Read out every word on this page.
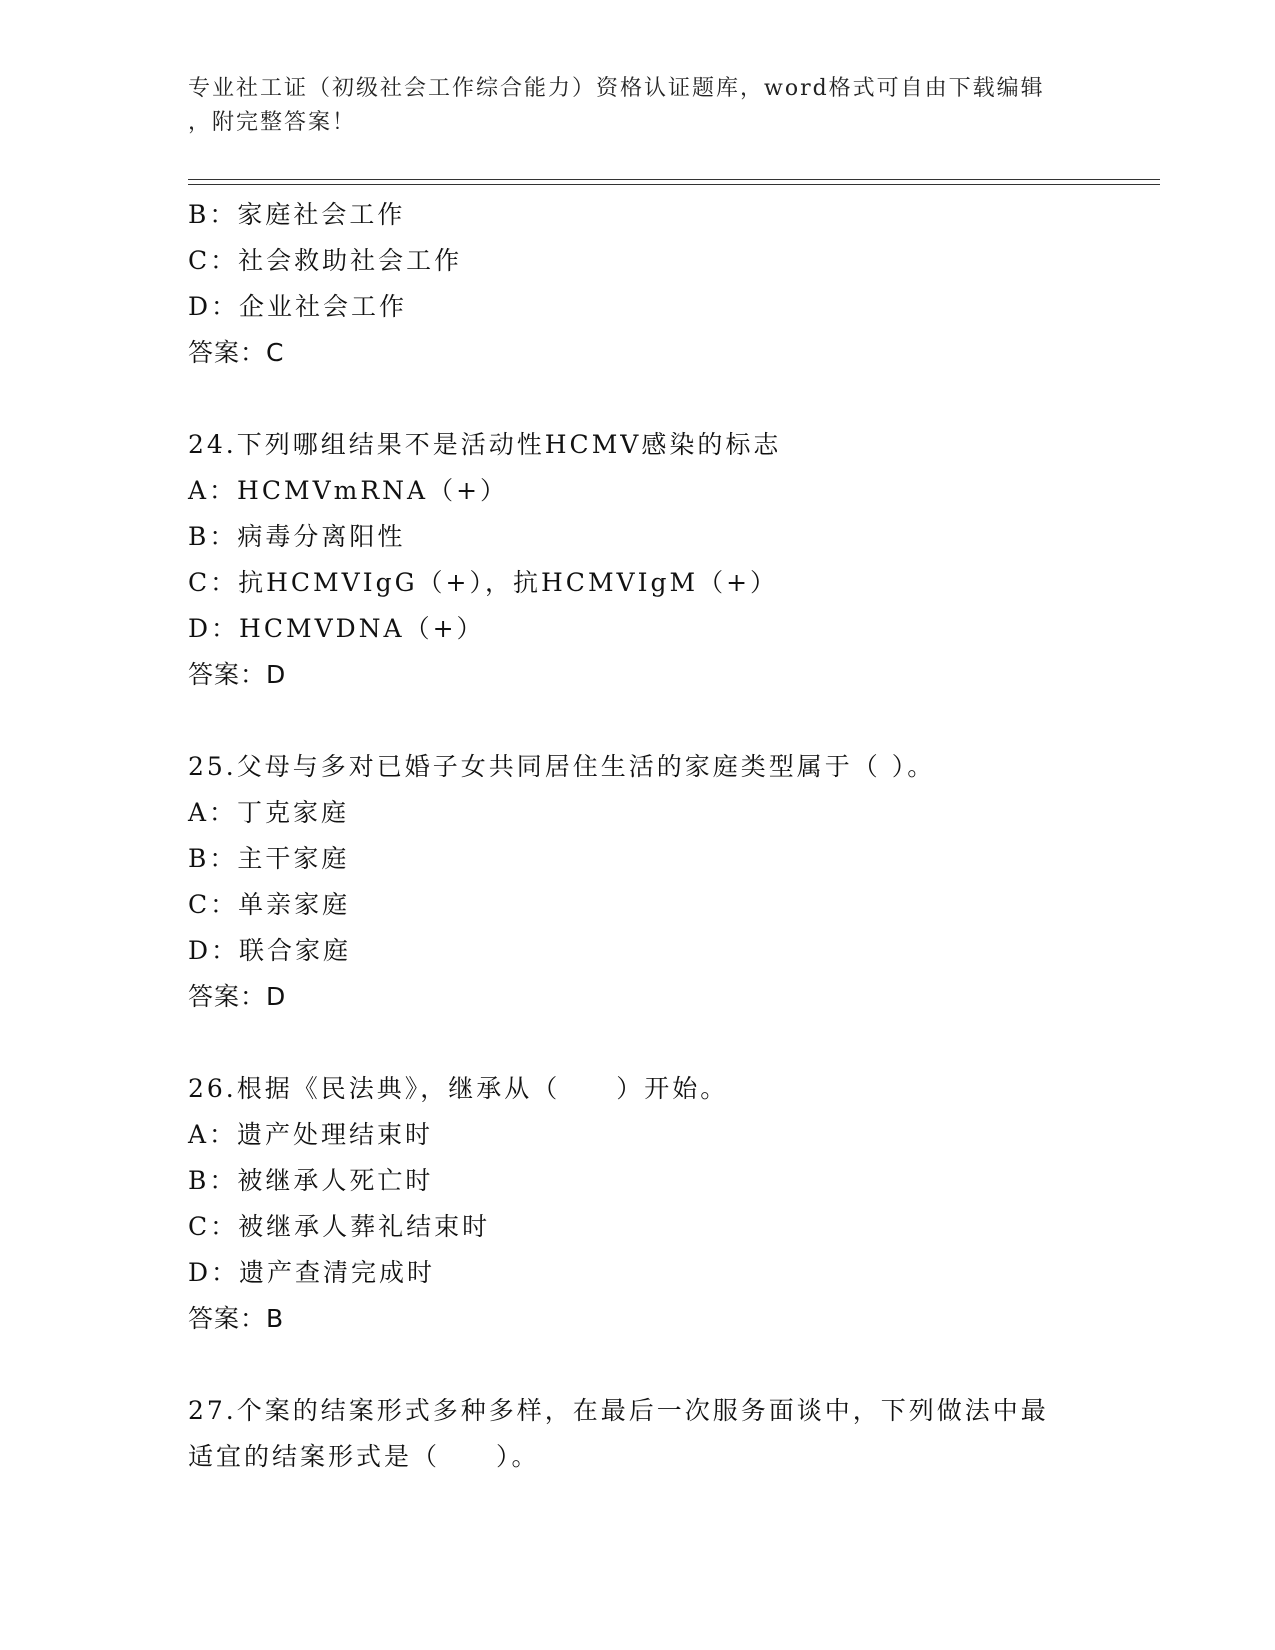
专业社工证（初级社会工作综合能力）资格认证题库，word格式可自由下载编辑
，附完整答案！
B：家庭社会工作
C：社会救助社会工作
D：企业社会工作
答案：C
24.下列哪组结果不是活动性HCMV感染的标志
A：HCMVmRNA（+）
B：病毒分离阳性
C：抗HCMVIgG（+），抗HCMVIgM（+）
D：HCMVDNA（+）
答案：D
25.父母与多对已婚子女共同居住生活的家庭类型属于（ ）。
A：丁克家庭
B：主干家庭
C：单亲家庭
D：联合家庭
答案：D
26.根据《民法典》，继承从（　　）开始。
A：遗产处理结束时
B：被继承人死亡时
C：被继承人葬礼结束时
D：遗产查清完成时
答案：B
27.个案的结案形式多种多样，在最后一次服务面谈中，下列做法中最
适宜的结案形式是（　　）。
